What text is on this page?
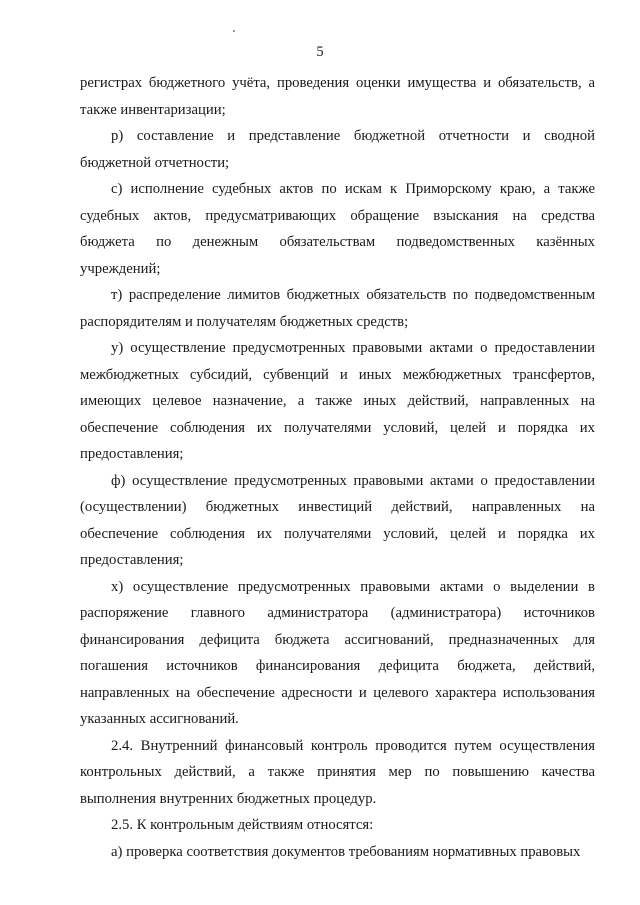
5
регистрах бюджетного учёта, проведения оценки имущества и обязательств, а
также инвентаризации;
р) составление и представление бюджетной отчетности и сводной
бюджетной отчетности;
с) исполнение судебных актов по искам к Приморскому краю, а также
судебных актов, предусматривающих обращение взыскания на средства
бюджета по денежным обязательствам подведомственных казённых
учреждений;
т) распределение лимитов бюджетных обязательств по подведомственным
распорядителям и получателям бюджетных средств;
у) осуществление предусмотренных правовыми актами о предоставлении
межбюджетных субсидий, субвенций и иных межбюджетных трансфертов,
имеющих целевое назначение, а также иных действий, направленных на
обеспечение соблюдения их получателями условий, целей и порядка их
предоставления;
ф) осуществление предусмотренных правовыми актами о предоставлении
(осуществлении) бюджетных инвестиций действий, направленных на
обеспечение соблюдения их получателями условий, целей и порядка их
предоставления;
х) осуществление предусмотренных правовыми актами о выделении в
распоряжение главного администратора (администратора) источников
финансирования дефицита бюджета ассигнований, предназначенных для
погашения источников финансирования дефицита бюджета, действий,
направленных на обеспечение адресности и целевого характера использования
указанных ассигнований.
2.4. Внутренний финансовый контроль проводится путем осуществления
контрольных действий, а также принятия мер по повышению качества
выполнения внутренних бюджетных процедур.
2.5. К контрольным действиям относятся:
а) проверка соответствия документов требованиям нормативных правовых
